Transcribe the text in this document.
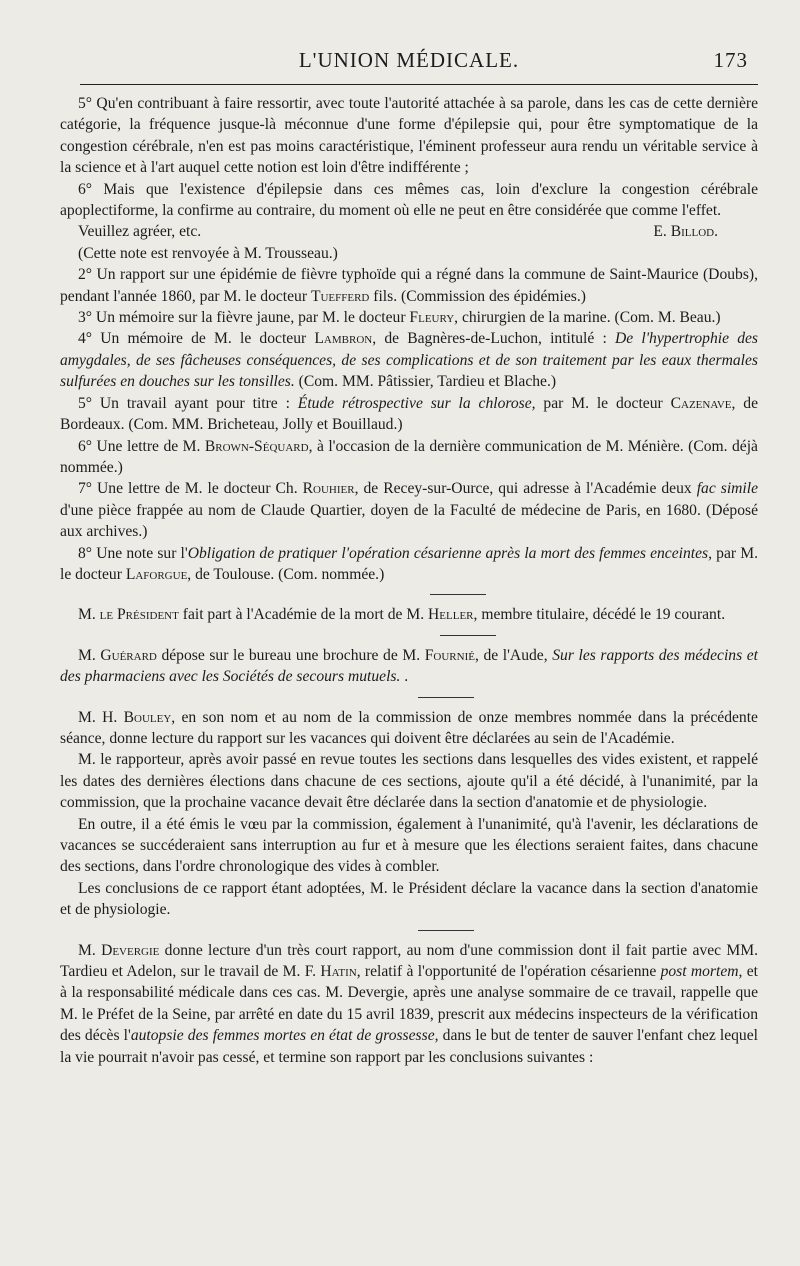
L'UNION MÉDICALE.	173

5° Qu'en contribuant à faire ressortir, avec toute l'autorité attachée à sa parole, dans les cas de cette dernière catégorie, la fréquence jusque-là méconnue d'une forme d'épilepsie qui, pour être symptomatique de la congestion cérébrale, n'en est pas moins caractéristique, l'éminent professeur aura rendu un véritable service à la science et à l'art auquel cette notion est loin d'être indifférente ;

6° Mais que l'existence d'épilepsie dans ces mêmes cas, loin d'exclure la congestion cérébrale apoplectiforme, la confirme au contraire, du moment où elle ne peut en être considérée que comme l'effet.

Veuillez agréer, etc.	E. Billod.

(Cette note est renvoyée à M. Trousseau.)

2° Un rapport sur une épidémie de fièvre typhoïde qui a régné dans la commune de Saint-Maurice (Doubs), pendant l'année 1860, par M. le docteur Tuefferd fils. (Commission des épidémies.)

3° Un mémoire sur la fièvre jaune, par M. le docteur Fleury, chirurgien de la marine. (Com. M. Beau.)

4° Un mémoire de M. le docteur Lambron, de Bagnères-de-Luchon, intitulé : De l'hypertrophie des amygdales, de ses fâcheuses conséquences, de ses complications et de son traitement par les eaux thermales sulfurées en douches sur les tonsilles. (Com. MM. Pâtissier, Tardieu et Blache.)

5° Un travail ayant pour titre : Étude rétrospective sur la chlorose, par M. le docteur Cazenave, de Bordeaux. (Com. MM. Bricheteau, Jolly et Bouillaud.)

6° Une lettre de M. Brown-Séquard, à l'occasion de la dernière communication de M. Ménière. (Com. déjà nommée.)

7° Une lettre de M. le docteur Ch. Rouhier, de Recey-sur-Ource, qui adresse à l'Académie deux fac simile d'une pièce frappée au nom de Claude Quartier, doyen de la Faculté de médecine de Paris, en 1680. (Déposé aux archives.)

8° Une note sur l'Obligation de pratiquer l'opération césarienne après la mort des femmes enceintes, par M. le docteur Laforgue, de Toulouse. (Com. nommée.)

M. le Président fait part à l'Académie de la mort de M. Heller, membre titulaire, décédé le 19 courant.

M. Guérard dépose sur le bureau une brochure de M. Fournié, de l'Aude, Sur les rapports des médecins et des pharmaciens avec les Sociétés de secours mutuels. .

M. H. Bouley, en son nom et au nom de la commission de onze membres nommée dans la précédente séance, donne lecture du rapport sur les vacances qui doivent être déclarées au sein de l'Académie.

M. le rapporteur, après avoir passé en revue toutes les sections dans lesquelles des vides existent, et rappelé les dates des dernières élections dans chacune de ces sections, ajoute qu'il a été décidé, à l'unanimité, par la commission, que la prochaine vacance devait être déclarée dans la section d'anatomie et de physiologie.

En outre, il a été émis le vœu par la commission, également à l'unanimité, qu'à l'avenir, les déclarations de vacances se succéderaient sans interruption au fur et à mesure que les élections seraient faites, dans chacune des sections, dans l'ordre chronologique des vides à combler.

Les conclusions de ce rapport étant adoptées, M. le Président déclare la vacance dans la section d'anatomie et de physiologie.

M. Devergie donne lecture d'un très court rapport, au nom d'une commission dont il fait partie avec MM. Tardieu et Adelon, sur le travail de M. F. Hatin, relatif à l'opportunité de l'opération césarienne post mortem, et à la responsabilité médicale dans ces cas. M. Devergie, après une analyse sommaire de ce travail, rappelle que M. le Préfet de la Seine, par arrêté en date du 15 avril 1839, prescrit aux médecins inspecteurs de la vérification des décès l'autopsie des femmes mortes en état de grossesse, dans le but de tenter de sauver l'enfant chez lequel la vie pourrait n'avoir pas cessé, et termine son rapport par les conclusions suivantes :
